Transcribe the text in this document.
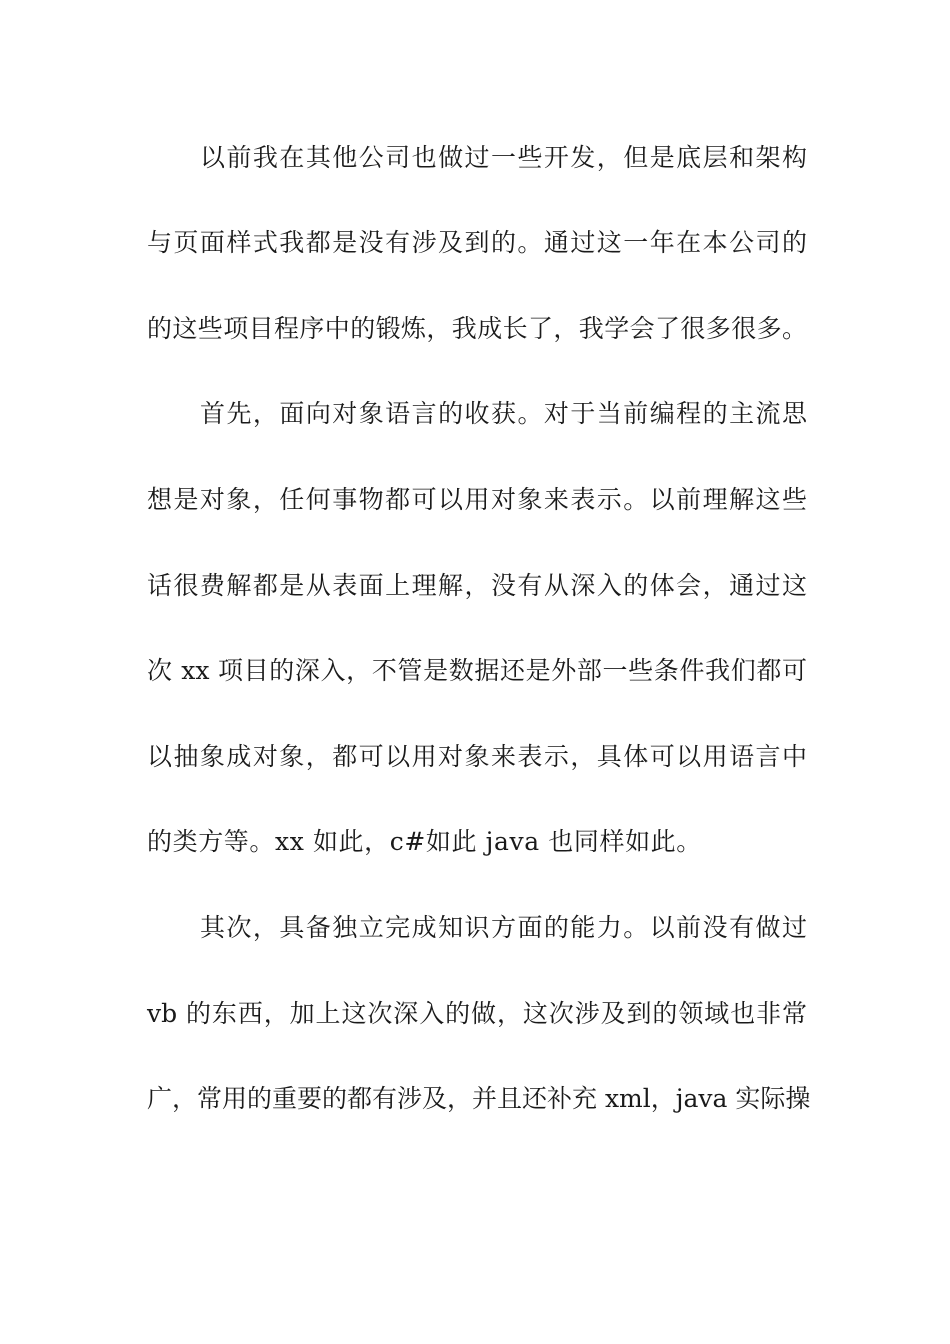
以前我在其他公司也做过一些开发，但是底层和架构
与页面样式我都是没有涉及到的。通过这一年在本公司的
的这些项目程序中的锻炼，我成长了，我学会了很多很多。
首先，面向对象语言的收获。对于当前编程的主流思
想是对象，任何事物都可以用对象来表示。以前理解这些
话很费解都是从表面上理解，没有从深入的体会，通过这
次 xx 项目的深入，不管是数据还是外部一些条件我们都可
以抽象成对象，都可以用对象来表示，具体可以用语言中
的类方等。xx 如此，c#如此 java 也同样如此。
其次，具备独立完成知识方面的能力。以前没有做过
vb 的东西，加上这次深入的做，这次涉及到的领域也非常
广，常用的重要的都有涉及，并且还补充 xml，java 实际操
